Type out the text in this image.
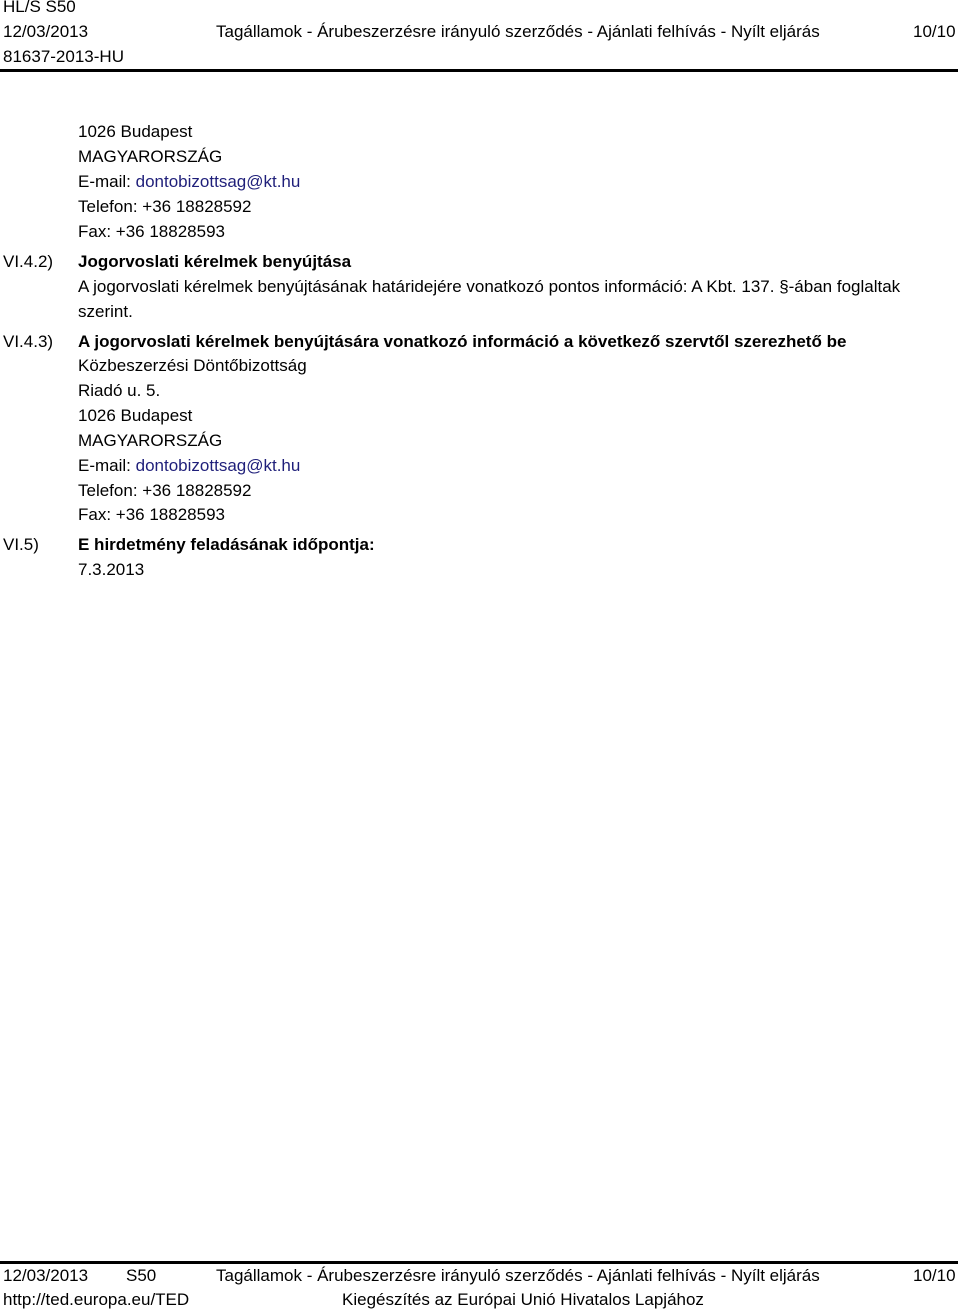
HL/S S50
12/03/2013	Tagállamok - Árubeszerzésre irányuló szerződés - Ajánlati felhívás - Nyílt eljárás	10/10
81637-2013-HU
1026 Budapest
MAGYARORSZÁG
E-mail: dontobizottsag@kt.hu
Telefon: +36 18828592
Fax: +36 18828593
VI.4.2) Jogorvoslati kérelmek benyújtása
A jogorvoslati kérelmek benyújtásának határidejére vonatkozó pontos információ: A Kbt. 137. §-ában foglaltak szerint.
VI.4.3) A jogorvoslati kérelmek benyújtására vonatkozó információ a következő szervtől szerezhető be
Közbeszerzési Döntőbizottság
Riadó u. 5.
1026 Budapest
MAGYARORSZÁG
E-mail: dontobizottsag@kt.hu
Telefon: +36 18828592
Fax: +36 18828593
VI.5) E hirdetmény feladásának időpontja:
7.3.2013
12/03/2013 S50	Tagállamok - Árubeszerzésre irányuló szerződés - Ajánlati felhívás - Nyílt eljárás	10/10
http://ted.europa.eu/TED	Kiegészítés az Európai Unió Hivatalos Lapjához
